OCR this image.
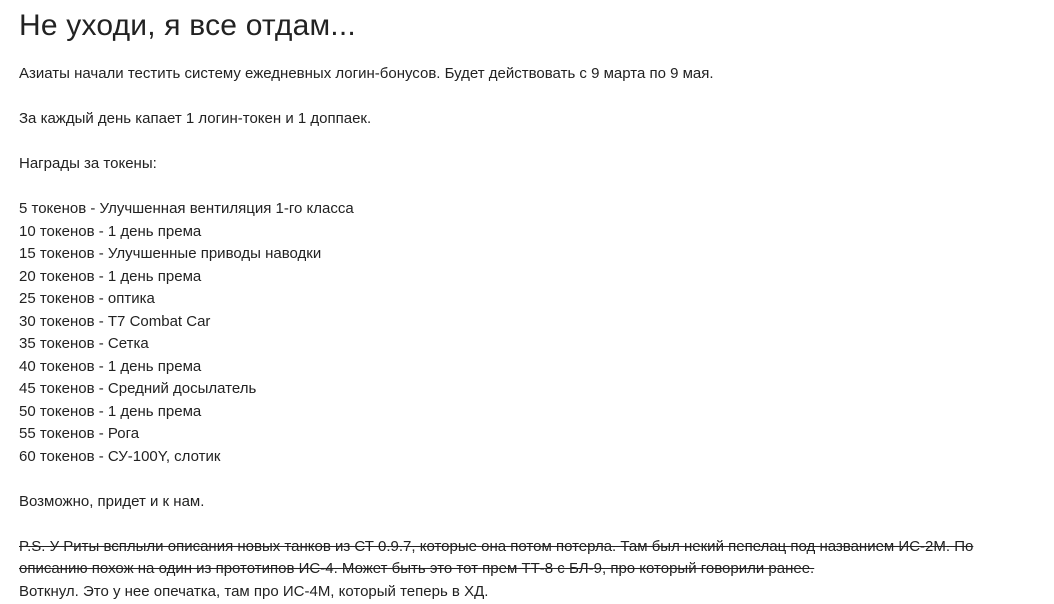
Не уходи, я все отдам...

Азиаты начали тестить систему ежедневных логин-бонусов. Будет действовать с 9 марта по 9 мая.

За каждый день капает 1 логин-токен и 1 доппаек.

Награды за токены:

5 токенов - Улучшенная вентиляция 1-го класса
10 токенов - 1 день према
15 токенов - Улучшенные приводы наводки
20 токенов - 1 день према
25 токенов - оптика
30 токенов - T7 Combat Car
35 токенов - Сетка
40 токенов - 1 день према
45 токенов - Средний досылатель
50 токенов - 1 день према
55 токенов - Рога
60 токенов - СУ-100Y, слотик

Возможно, придет и к нам.

P.S. У Риты всплыли описания новых танков из СТ 0.9.7, которые она потом потерла. Там был некий пепелац под названием ИС-2М. По

описанию похож на один из прототипов ИС-4. Может быть это тот прем ТТ-8 с БЛ-9, про который говорили ранее.

Воткнул. Это у нее опечатка, там про ИС-4М, который теперь в ХД.
